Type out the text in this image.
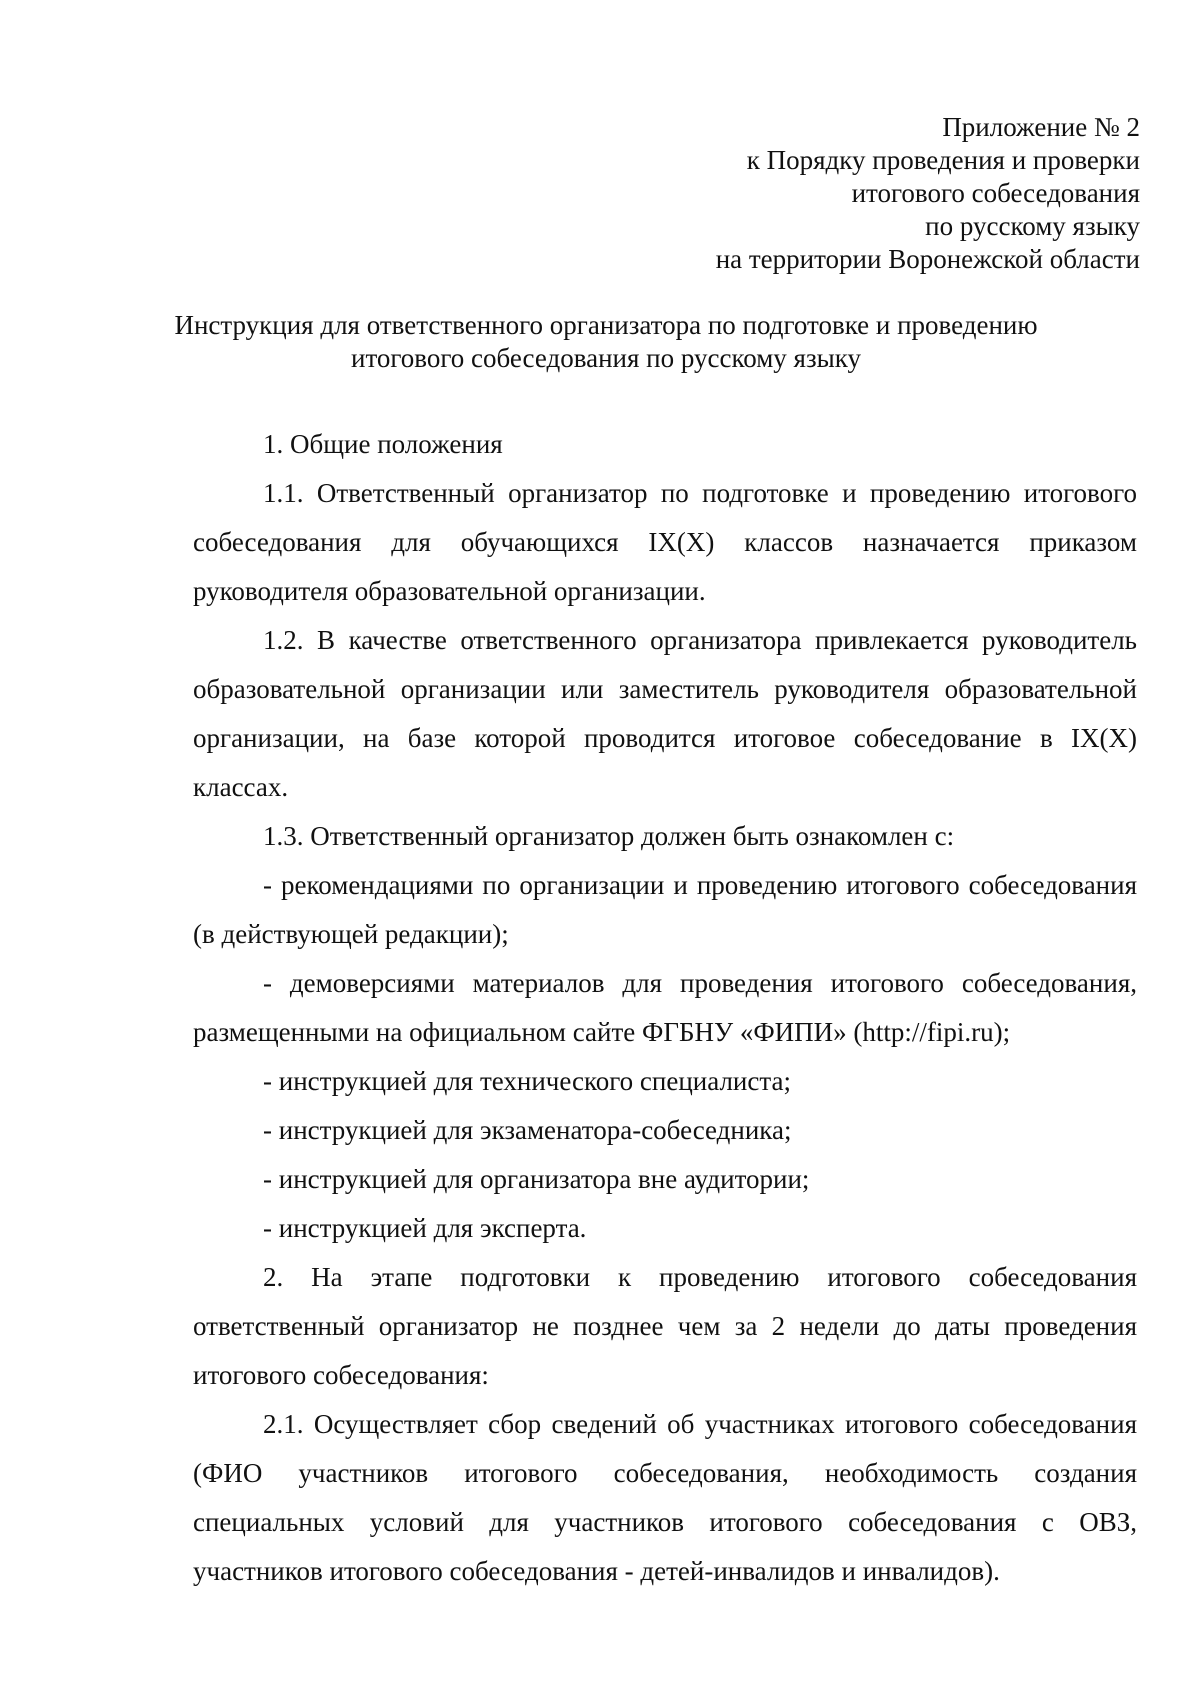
Приложение № 2
к Порядку проведения и проверки
итогового собеседования
по русскому языку
на территории Воронежской области
Инструкция для ответственного организатора по подготовке и проведению
итогового собеседования по русскому языку

1. Общие положения

1.1. Ответственный организатор по подготовке и проведению итогового собеседования для обучающихся IX(X) классов назначается приказом руководителя образовательной организации.

1.2. В качестве ответственного организатора привлекается руководитель образовательной организации или заместитель руководителя образовательной организации, на базе которой проводится итоговое собеседование в IX(X) классах.

1.3. Ответственный организатор должен быть ознакомлен с:

- рекомендациями по организации и проведению итогового собеседования (в действующей редакции);

- демоверсиями материалов для проведения итогового собеседования, размещенными на официальном сайте ФГБНУ «ФИПИ» (http://fipi.ru);

- инструкцией для технического специалиста;

- инструкцией для экзаменатора-собеседника;

- инструкцией для организатора вне аудитории;

- инструкцией для эксперта.

2. На этапе подготовки к проведению итогового собеседования ответственный организатор не позднее чем за 2 недели до даты проведения итогового собеседования:

2.1. Осуществляет сбор сведений об участниках итогового собеседования (ФИО участников итогового собеседования, необходимость создания специальных условий для участников итогового собеседования с ОВЗ, участников итогового собеседования - детей-инвалидов и инвалидов).
